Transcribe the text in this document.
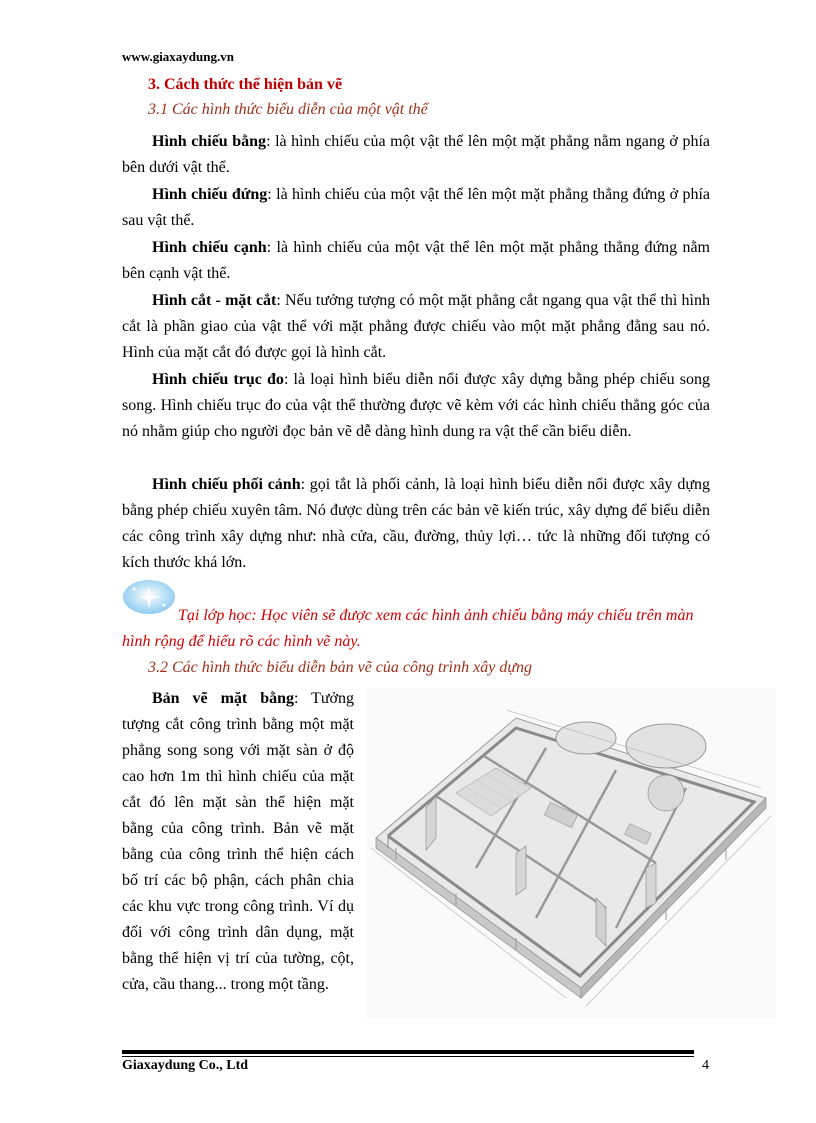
www.giaxaydung.vn
3. Cách thức thể hiện bản vẽ
3.1 Các hình thức biểu diễn của một vật thể

Hình chiếu bằng: là hình chiếu của một vật thể lên một mặt phẳng nằm ngang ở phía bên dưới vật thể.

Hình chiếu đứng: là hình chiếu của một vật thể lên một mặt phẳng thẳng đứng ở phía sau vật thể.

Hình chiếu cạnh: là hình chiếu của một vật thể lên một mặt phẳng thẳng đứng nằm bên cạnh vật thể.

Hình cắt - mặt cắt: Nếu tưởng tượng có một mặt phẳng cắt ngang qua vật thể thì hình cắt là phần giao của vật thể với mặt phẳng được chiếu vào một mặt phẳng đằng sau nó. Hình của mặt cắt đó được gọi là hình cắt.

Hình chiếu trục đo: là loại hình biểu diễn nổi được xây dựng bằng phép chiếu song song. Hình chiếu trục đo của vật thể thường được vẽ kèm với các hình chiếu thẳng góc của nó nhằm giúp cho người đọc bản vẽ dễ dàng hình dung ra vật thể cần biểu diễn.

Hình chiếu phối cảnh: gọi tắt là phối cảnh, là loại hình biểu diễn nổi được xây dựng bằng phép chiếu xuyên tâm. Nó được dùng trên các bản vẽ kiến trúc, xây dựng để biểu diễn các công trình xây dựng như: nhà cửa, cầu, đường, thủy lợi… tức là những đối tượng có kích thước khá lớn.

Tại lớp học: Học viên sẽ được xem các hình ảnh chiếu bằng máy chiếu trên màn hình rộng để hiểu rõ các hình vẽ này.
3.2 Các hình thức biểu diễn bản vẽ của công trình xây dựng

Bản vẽ mặt bằng: Tưởng tượng cắt công trình bằng một mặt phẳng song song với mặt sàn ở độ cao hơn 1m thì hình chiếu của mặt cắt đó lên mặt sàn thể hiện mặt bằng của công trình. Bản vẽ mặt bằng của công trình thể hiện cách bố trí các bộ phận, cách phân chia các khu vực trong công trình. Ví dụ đối với công trình dân dụng, mặt bằng thể hiện vị trí của tường, cột, cửa, cầu thang... trong một tầng.

Giaxaydung Co., Ltd	4
